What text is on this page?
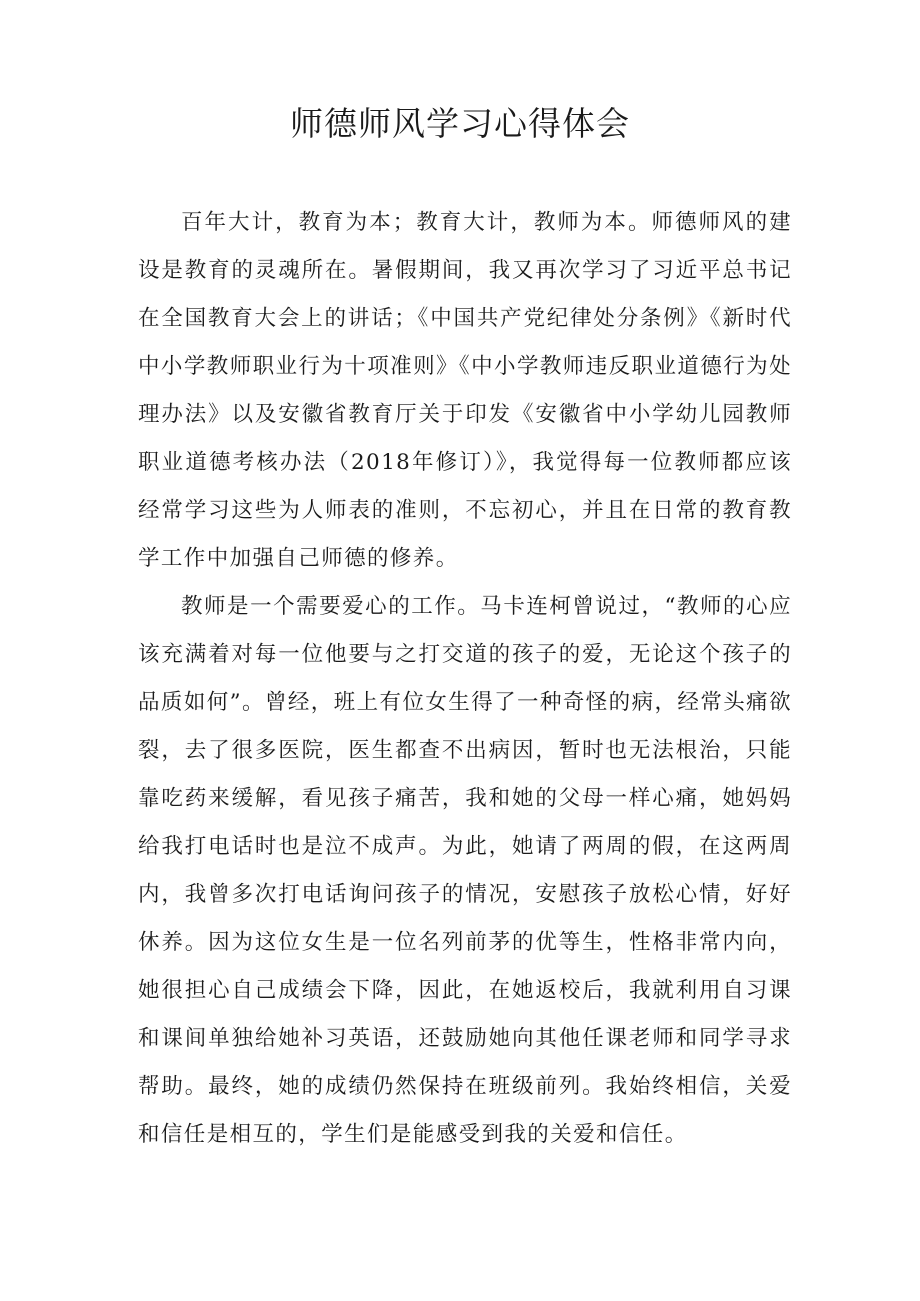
师德师风学习心得体会

百年大计，教育为本；教育大计，教师为本。师德师风的建设是教育的灵魂所在。暑假期间，我又再次学习了习近平总书记在全国教育大会上的讲话；《中国共产党纪律处分条例》《新时代中小学教师职业行为十项准则》《中小学教师违反职业道德行为处理办法》以及安徽省教育厅关于印发《安徽省中小学幼儿园教师职业道德考核办法（2018年修订）》，我觉得每一位教师都应该经常学习这些为人师表的准则，不忘初心，并且在日常的教育教学工作中加强自己师德的修养。

教师是一个需要爱心的工作。马卡连柯曾说过，“教师的心应该充满着对每一位他要与之打交道的孩子的爱，无论这个孩子的品质如何”。曾经，班上有位女生得了一种奇怪的病，经常头痛欲裂，去了很多医院，医生都查不出病因，暂时也无法根治，只能靠吃药来缓解，看见孩子痛苦，我和她的父母一样心痛，她妈妈给我打电话时也是泣不成声。为此，她请了两周的假，在这两周内，我曾多次打电话询问孩子的情况，安慰孩子放松心情，好好休养。因为这位女生是一位名列前茅的优等生，性格非常内向，她很担心自己成绩会下降，因此，在她返校后，我就利用自习课和课间单独给她补习英语，还鼓励她向其他任课老师和同学寻求帮助。最终，她的成绩仍然保持在班级前列。我始终相信，关爱和信任是相互的，学生们是能感受到我的关爱和信任。
